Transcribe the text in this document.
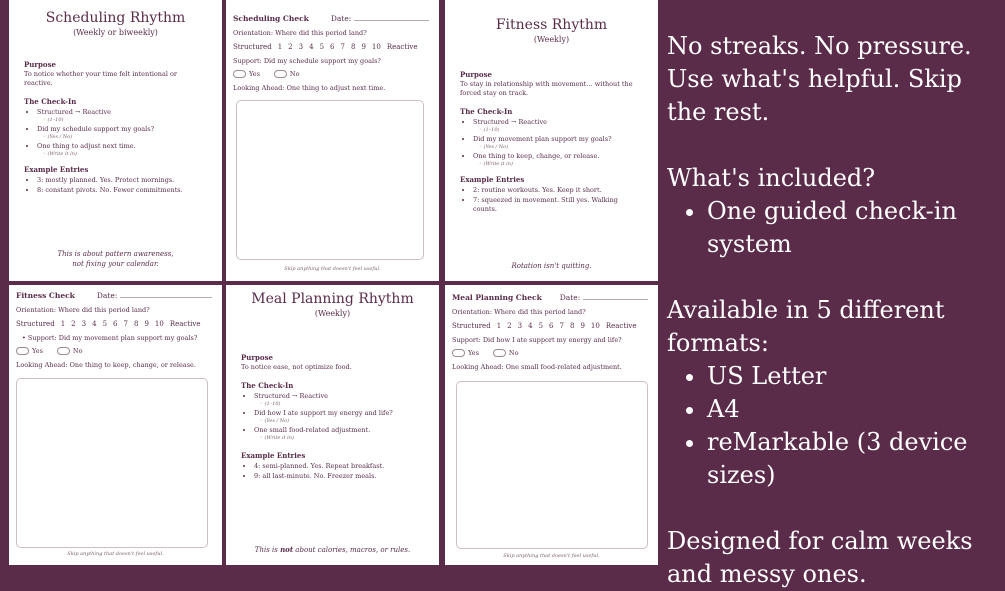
Scheduling Rhythm
(Weekly or biweekly)
Purpose
To notice whether your time felt intentional or reactive.
The Check-In
• Structured → Reactive
◦ (1–10)
• Did my schedule support my goals?
◦ (Yes / No)
• One thing to adjust next time.
◦ (Write it in)
Example Entries
• 3: mostly planned. Yes. Protect mornings.
• 8: constant pivots. No. Fewer commitments.
This is about pattern awareness,
not fixing your calendar.
Scheduling Check	Date:
Orientation: Where did this period land?
Structured 1 2 3 4 5 6 7 8 9 10 Reactive
Support: Did my schedule support my goals?
Yes	No
Looking Ahead: One thing to adjust next time.
Skip anything that doesn't feel useful.
Fitness Rhythm
(Weekly)
Purpose
To stay in relationship with movement… without the forced stay on track.
The Check-In
• Structured → Reactive
◦ (1–10)
• Did my movement plan support my goals?
◦ (Yes / No)
• One thing to keep, change, or release.
◦ (Write it in)
Example Entries
• 2: routine workouts. Yes. Keep it short.
• 7: squeezed in movement. Still yes. Walking counts.
Rotation isn't quitting.
Fitness Check	Date:
Orientation: Where did this period land?
Structured 1 2 3 4 5 6 7 8 9 10 Reactive
• Support: Did my movement plan support my goals?
Yes	No
Looking Ahead: One thing to keep, change, or release.
Skip anything that doesn't feel useful.
Meal Planning Rhythm
(Weekly)
Purpose
To notice ease, not optimize food.
The Check-In
• Structured → Reactive
◦ (1–10)
• Did how I ate support my energy and life?
◦ (Yes / No)
• One small food-related adjustment.
◦ (Write it in)
Example Entries
• 4: semi-planned. Yes. Repeat breakfast.
• 9: all last-minute. No. Freezer meals.
This is not about calories, macros, or rules.
Meal Planning Check Date:
Orientation: Where did this period land?
Structured 1 2 3 4 5 6 7 8 9 10 Reactive
Support: Did how I ate support my energy and life?
Yes	No
Looking Ahead: One small food-related adjustment.
Skip anything that doesn't feel useful.

No streaks. No pressure.

Use what's helpful. Skip the rest.

What's included?

• One guided check-in system

Available in 5 different formats:

• US Letter
• A4
• reMarkable (3 device sizes)

Designed for calm weeks and messy ones.
